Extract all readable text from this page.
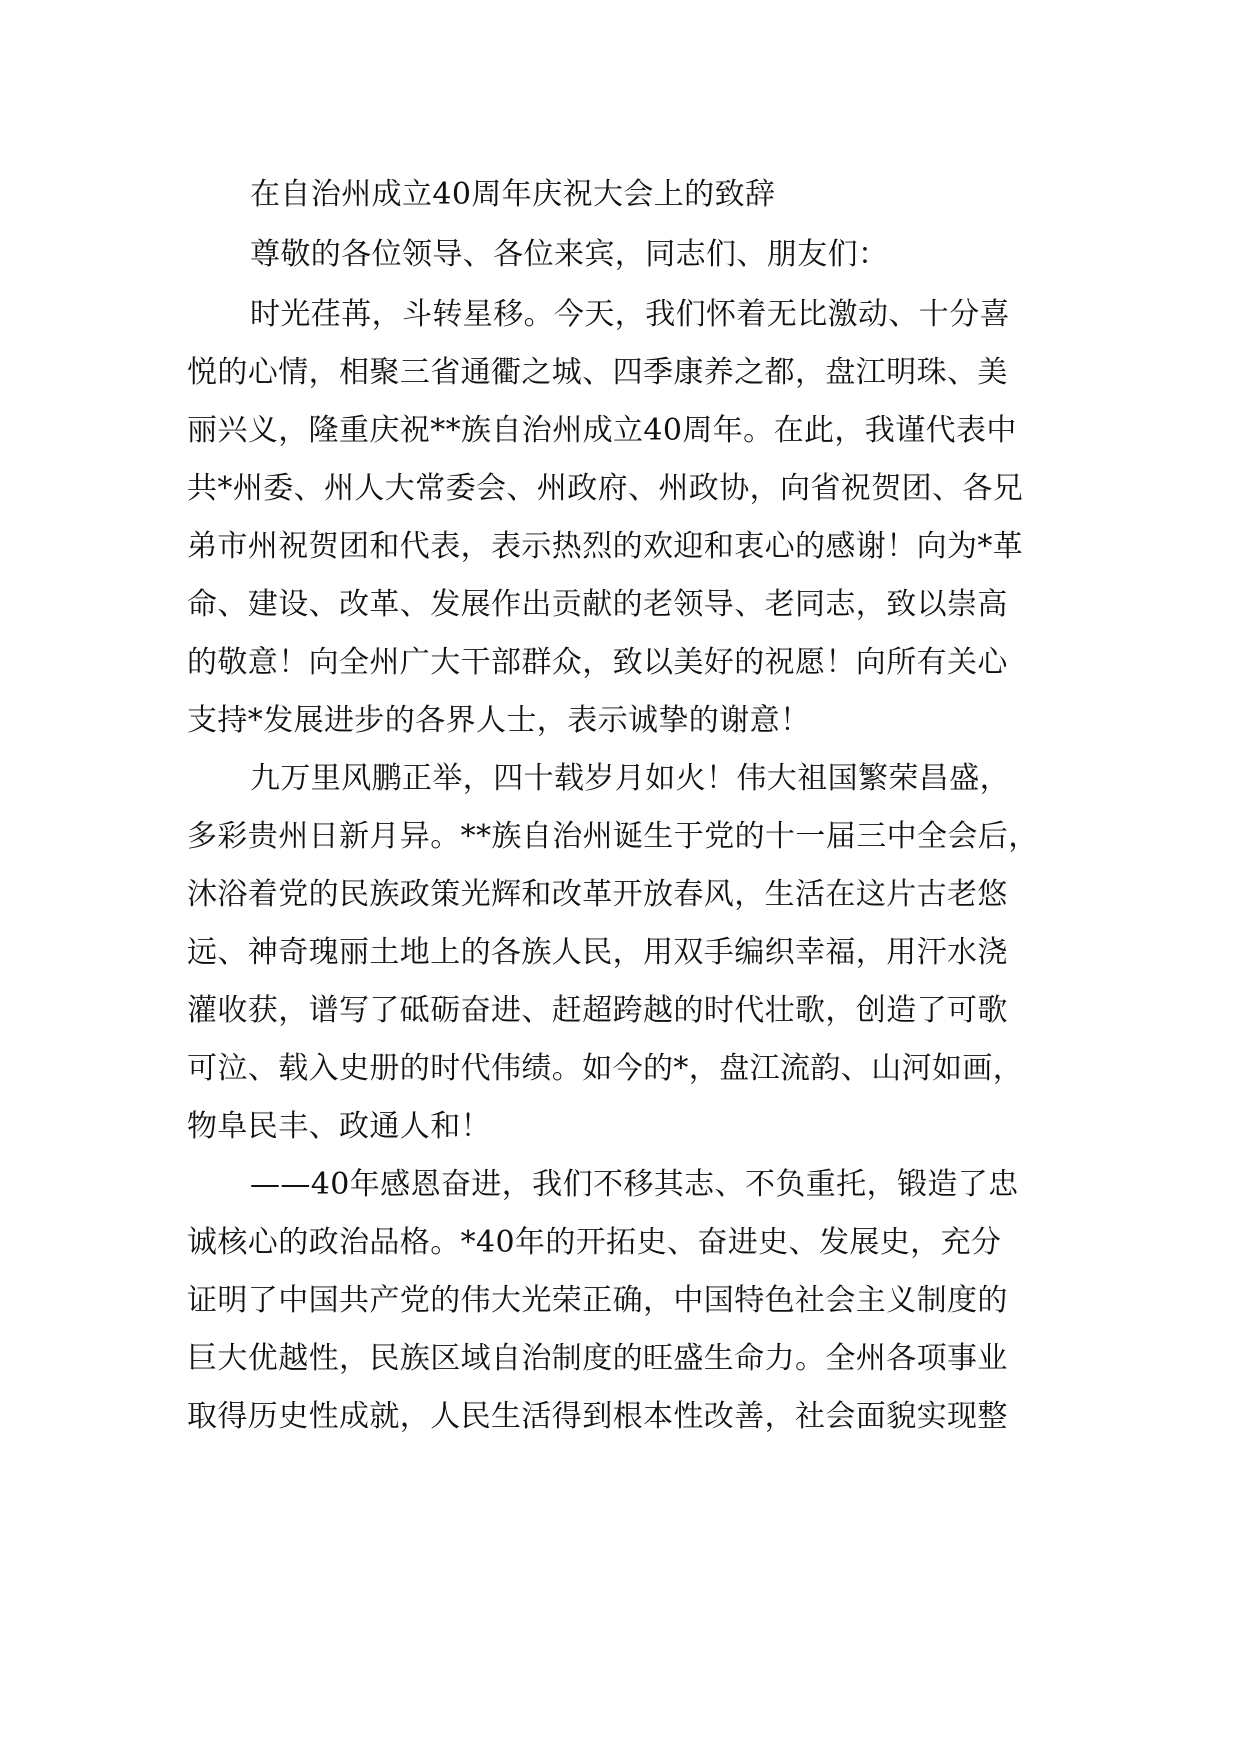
在自治州成立40周年庆祝大会上的致辞

尊敬的各位领导、各位来宾，同志们、朋友们：

时光荏苒，斗转星移。今天，我们怀着无比激动、十分喜

悦的心情，相聚三省通衢之城、四季康养之都，盘江明珠、美

丽兴义，隆重庆祝**族自治州成立40周年。在此，我谨代表中

共*州委、州人大常委会、州政府、州政协，向省祝贺团、各兄

弟市州祝贺团和代表，表示热烈的欢迎和衷心的感谢！向为*革

命、建设、改革、发展作出贡献的老领导、老同志，致以崇高

的敬意！向全州广大干部群众，致以美好的祝愿！向所有关心

支持*发展进步的各界人士，表示诚挚的谢意！

九万里风鹏正举，四十载岁月如火！伟大祖国繁荣昌盛，

多彩贵州日新月异。**族自治州诞生于党的十一届三中全会后，

沐浴着党的民族政策光辉和改革开放春风，生活在这片古老悠

远、神奇瑰丽土地上的各族人民，用双手编织幸福，用汗水浇

灌收获，谱写了砥砺奋进、赶超跨越的时代壮歌，创造了可歌

可泣、载入史册的时代伟绩。如今的*，盘江流韵、山河如画，

物阜民丰、政通人和！

——40年感恩奋进，我们不移其志、不负重托，锻造了忠

诚核心的政治品格。*40年的开拓史、奋进史、发展史，充分

证明了中国共产党的伟大光荣正确，中国特色社会主义制度的

巨大优越性，民族区域自治制度的旺盛生命力。全州各项事业

取得历史性成就，人民生活得到根本性改善，社会面貌实现整
